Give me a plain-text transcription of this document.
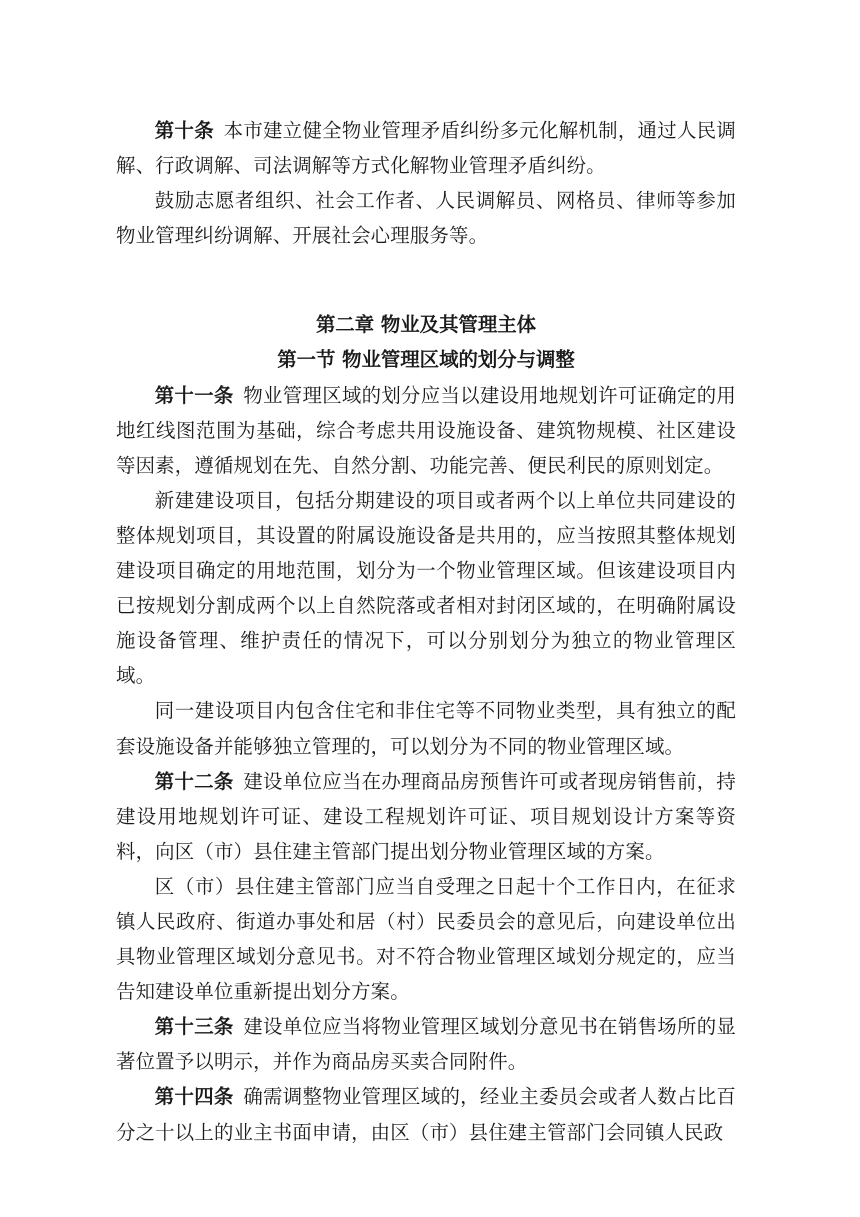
第十条 本市建立健全物业管理矛盾纠纷多元化解机制，通过人民调解、行政调解、司法调解等方式化解物业管理矛盾纠纷。

鼓励志愿者组织、社会工作者、人民调解员、网格员、律师等参加物业管理纠纷调解、开展社会心理服务等。

第二章 物业及其管理主体

第一节 物业管理区域的划分与调整

第十一条 物业管理区域的划分应当以建设用地规划许可证确定的用地红线图范围为基础，综合考虑共用设施设备、建筑物规模、社区建设等因素，遵循规划在先、自然分割、功能完善、便民利民的原则划定。

新建建设项目，包括分期建设的项目或者两个以上单位共同建设的整体规划项目，其设置的附属设施设备是共用的，应当按照其整体规划建设项目确定的用地范围，划分为一个物业管理区域。但该建设项目内已按规划分割成两个以上自然院落或者相对封闭区域的，在明确附属设施设备管理、维护责任的情况下，可以分别划分为独立的物业管理区域。

同一建设项目内包含住宅和非住宅等不同物业类型，具有独立的配套设施设备并能够独立管理的，可以划分为不同的物业管理区域。

第十二条 建设单位应当在办理商品房预售许可或者现房销售前，持建设用地规划许可证、建设工程规划许可证、项目规划设计方案等资料，向区（市）县住建主管部门提出划分物业管理区域的方案。

区（市）县住建主管部门应当自受理之日起十个工作日内，在征求镇人民政府、街道办事处和居（村）民委员会的意见后，向建设单位出具物业管理区域划分意见书。对不符合物业管理区域划分规定的，应当告知建设单位重新提出划分方案。

第十三条 建设单位应当将物业管理区域划分意见书在销售场所的显著位置予以明示，并作为商品房买卖合同附件。

第十四条 确需调整物业管理区域的，经业主委员会或者人数占比百分之十以上的业主书面申请，由区（市）县住建主管部门会同镇人民政
